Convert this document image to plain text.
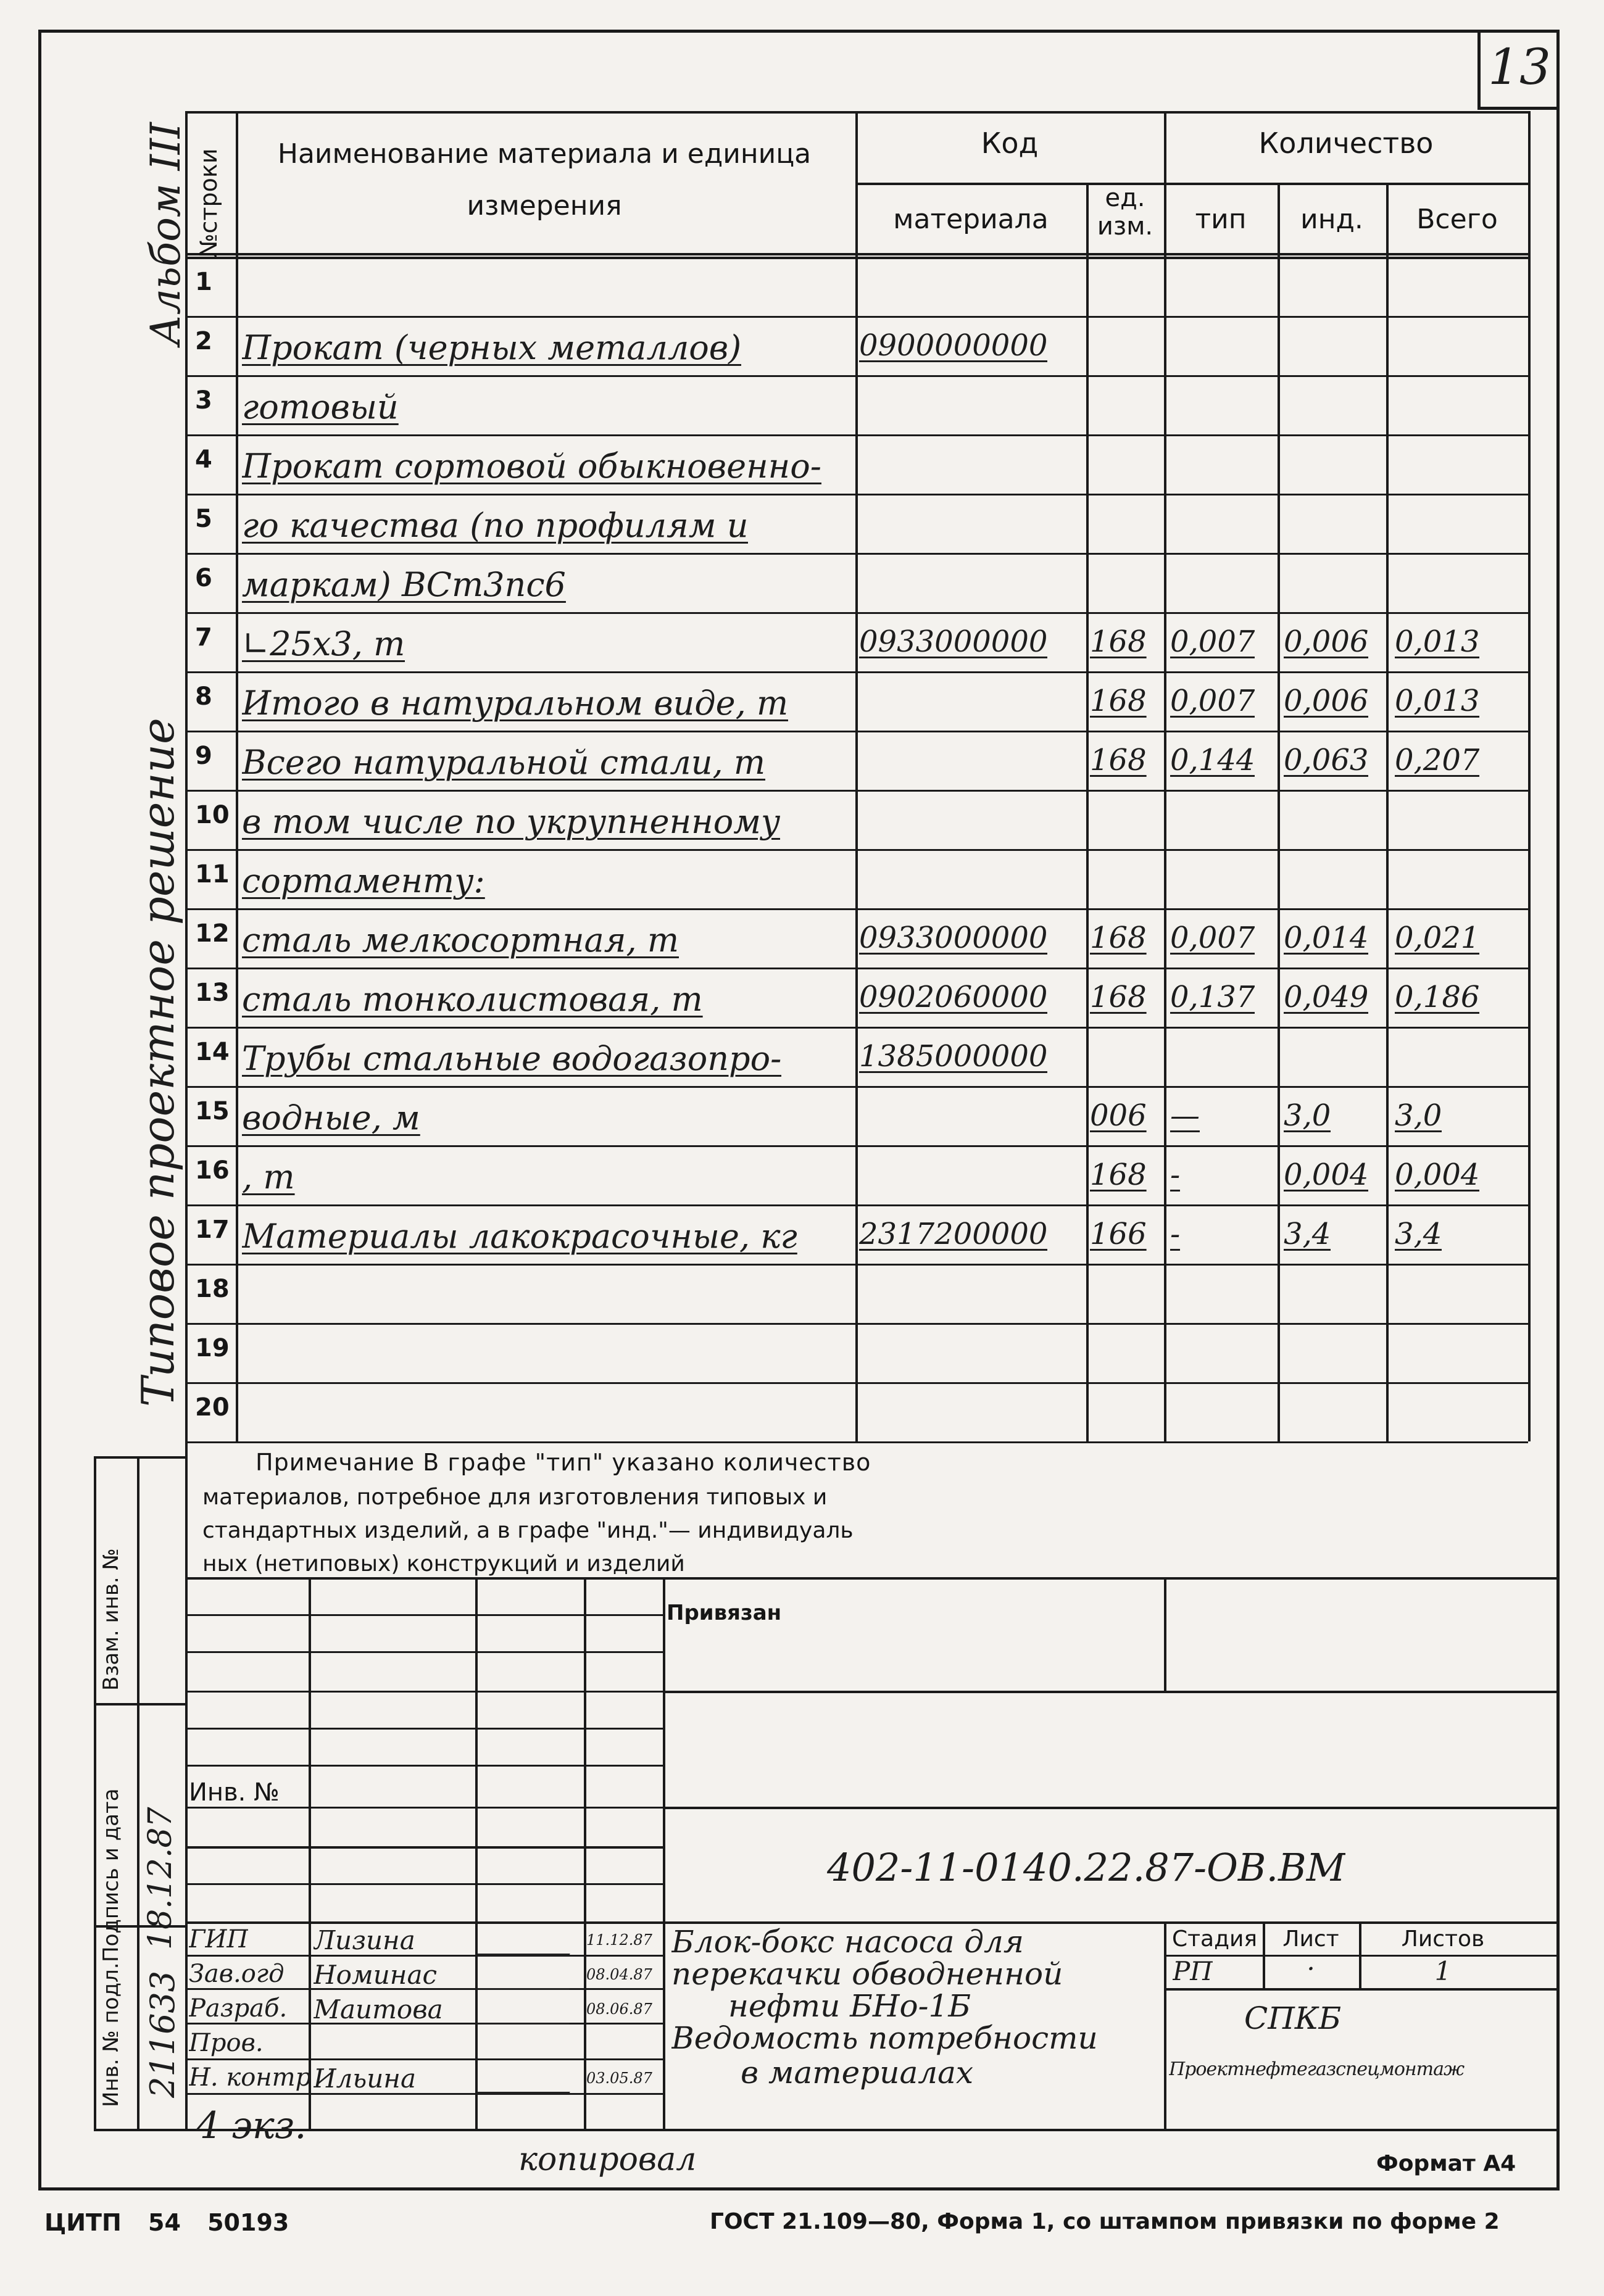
13
Альбом III
Типовое проектное решение
№строки	Наименование материала и единица измерения
Код
материала
ед. изм.
Количество
тип	инд.	Всего
1
2 Прокат (черных металлов)	0900000000
3 готовый
4 Прокат сортовой обыкновенно-
5 го качества (по профилям и
6 маркам) ВСт3пс6
7 ∟25х3, т	0933000000 168 0,007 0,006 0,013
8 Итого в натуральном виде, т	168 0,007 0,006 0,013
9 Всего натуральной стали, т	168 0,144 0,063 0,207
10 в том числе по укрупненному
11 сортаменту:
12 сталь мелкосортная, т	0933000000 168 0,007 0,014 0,021
13 сталь тонколистовая, т	0902060000 168 0,137 0,049 0,186
14 Трубы стальные водогазопро-	1385000000
15 водные, м	006 —	3,0 3,0
16 , т	168 -	0,004 0,004
17 Материалы лакокрасочные, кг 2317200000 166 -	3,4 3,4
18
19
20
Примечание В графе "тип" указано количество
материалов, потребное для изготовления типовых и
стандартных изделий, а в графе "инд."— индивидуаль
ных (нетиповых) конструкций и изделий
Взам. инв. №
Подпись и дата
Инв. № подл.
18.12.87
211633
Привязан
Инв. №
402-11-0140.22.87-ОВ.ВМ
ГИП	Лизина	11.12.87
Зав.огд Номинас	08.04.87
Разраб. Маитова	08.06.87
Пров.
Н. контр Ильина	03.05.87
Блок-бокс насоса для
перекачки обводненной
нефти БНо-1Б
Ведомость потребности
в материалах
Стадия	Лист	Листов
РП	·	1
СПКБ
Проектнефтегазспецмонтаж
4 экз.
копировал	Формат А4
ЦИТП 54 50193	ГОСТ 21.109—80, Форма 1, со штампом привязки по форме 2
